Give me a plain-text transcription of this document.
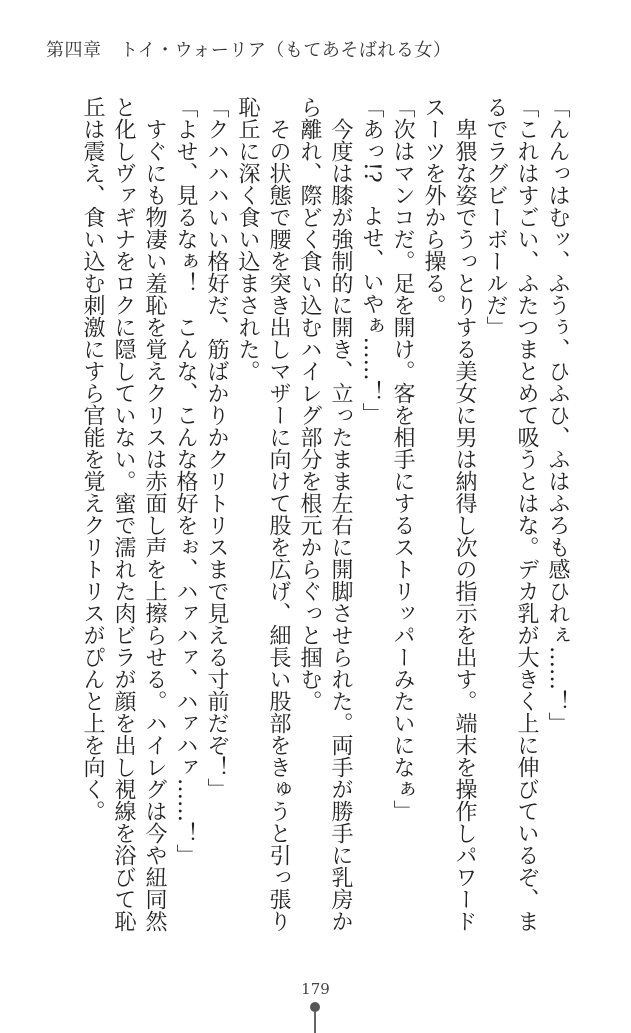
第四章　トイ・ウォーリア（もてあそばれる女）

「んんっはむッ、ふうぅ、ひふひ、ふはふろも感ひれぇ……！」

「これはすごい、ふたつまとめて吸うとはな。デカ乳が大きく上に伸びているぞ、まるでラグビーボールだ」

　卑猥な姿でうっとりする美女に男は納得し次の指示を出す。端末を操作しパワードスーツを外から操る。

「次はマンコだ。足を開け。客を相手にするストリッパーみたいになぁ」

「あっ!?　よせ、いやぁ……！」

　今度は膝が強制的に開き、立ったまま左右に開脚させられた。両手が勝手に乳房から離れ、際どく食い込むハイレグ部分を根元からぐっと掴む。

　その状態で腰を突き出しマザーに向けて股を広げ、細長い股部をきゅうと引っ張り恥丘に深く食い込まされた。

「クハハハいい格好だ、筋ばかりかクリトリスまで見える寸前だぞ！」

「よせ、見るなぁ！　こんな、こんな格好をぉ、ハァハァ、ハァハァ……！」

　すぐにも物凄い羞恥を覚えクリスは赤面し声を上擦らせる。ハイレグは今や紐同然と化しヴァギナをロクに隠していない。蜜で濡れた肉ビラが顔を出し視線を浴びて恥丘は震え、食い込む刺激にすら官能を覚えクリトリスがぴんと上を向く。

179
